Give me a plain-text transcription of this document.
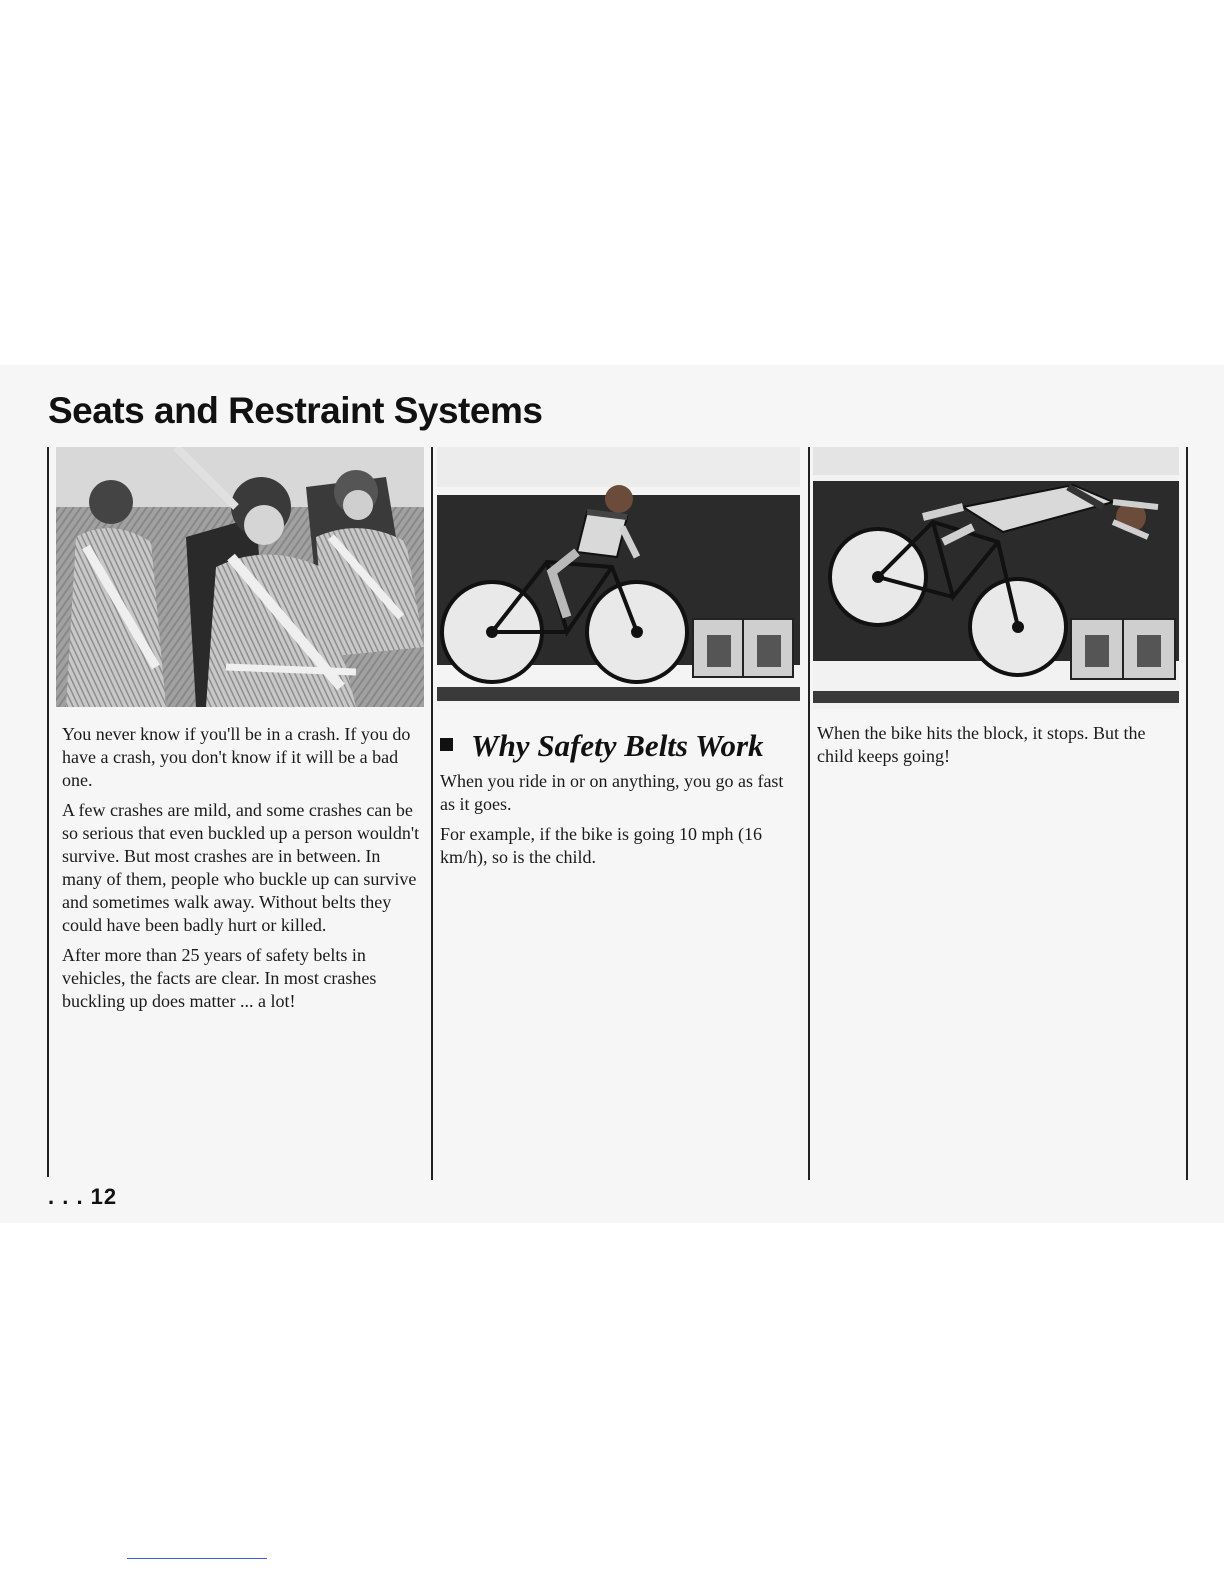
Seats and Restraint Systems

You never know if you'll be in a crash. If you do have a crash, you don't know if it will be a bad one.

A few crashes are mild, and some crashes can be so serious that even buckled up a person wouldn't survive. But most crashes are in between. In many of them, people who buckle up can survive and sometimes walk away. Without belts they could have been badly hurt or killed.

After more than 25 years of safety belts in vehicles, the facts are clear. In most crashes buckling up does matter ... a lot!

Why Safety Belts Work

When you ride in or on anything, you go as fast as it goes.

For example, if the bike is going 10 mph (16 km/h), so is the child.

When the bike hits the block, it stops. But the child keeps going!

. . . 12
